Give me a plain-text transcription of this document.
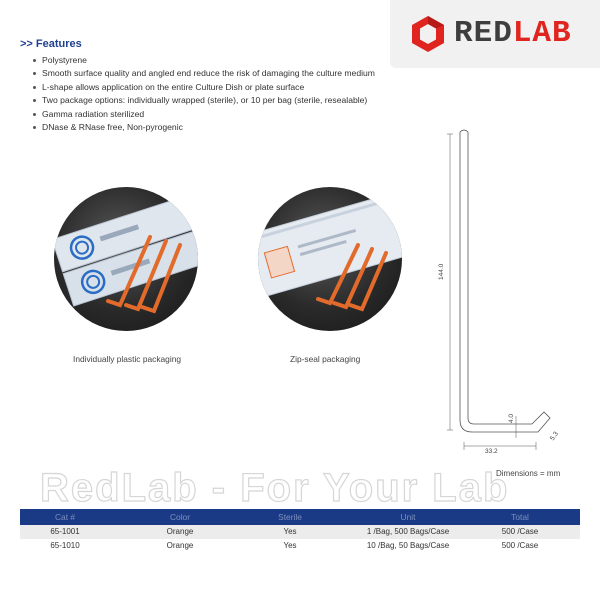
REDLAB
>> Features
Polystyrene
Smooth surface quality and angled end reduce the risk of damaging the culture medium
L-shape allows application on the entire Culture Dish or plate surface
Two package options: individually wrapped (sterile), or 10 per bag (sterile, resealable)
Gamma radiation sterilized
DNase & RNase free, Non-pyrogenic
Individually plastic packaging	Zip-seal packaging
144.0
4.0
33.2
5.3
Dimensions = mm
Cat #	Color	Sterile	Unit	Total
65-1001	Orange	Yes	1 /Bag, 500 Bags/Case	500 /Case
65-1010	Orange	Yes	10 /Bag, 50 Bags/Case	500 /Case
RedLab - For Your Lab
